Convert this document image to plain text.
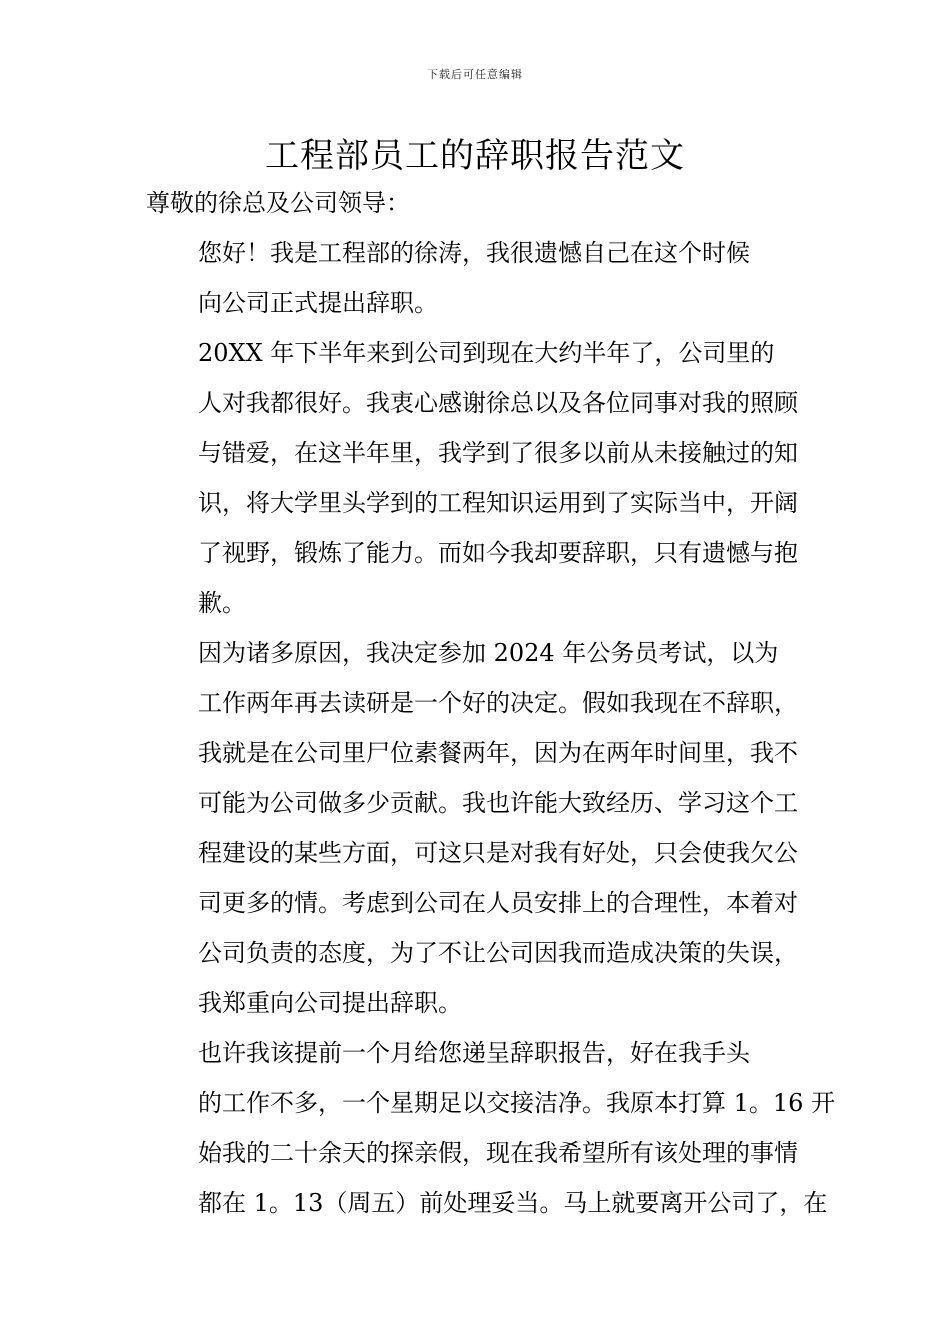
下载后可任意编辑
工程部员工的辞职报告范文

尊敬的徐总及公司领导：

您好！我是工程部的徐涛，我很遗憾自己在这个时候
向公司正式提出辞职。

20XX 年下半年来到公司到现在大约半年了，公司里的
人对我都很好。我衷心感谢徐总以及各位同事对我的照顾
与错爱，在这半年里，我学到了很多以前从未接触过的知
识，将大学里头学到的工程知识运用到了实际当中，开阔
了视野，锻炼了能力。而如今我却要辞职，只有遗憾与抱
歉。

因为诸多原因，我决定参加 2024 年公务员考试，以为
工作两年再去读研是一个好的决定。假如我现在不辞职，
我就是在公司里尸位素餐两年，因为在两年时间里，我不
可能为公司做多少贡献。我也许能大致经历、学习这个工
程建设的某些方面，可这只是对我有好处，只会使我欠公
司更多的情。考虑到公司在人员安排上的合理性，本着对
公司负责的态度，为了不让公司因我而造成决策的失误，
我郑重向公司提出辞职。

也许我该提前一个月给您递呈辞职报告，好在我手头
的工作不多，一个星期足以交接洁净。我原本打算 1。16 开
始我的二十余天的探亲假，现在我希望所有该处理的事情
都在 1。13（周五）前处理妥当。马上就要离开公司了，在
